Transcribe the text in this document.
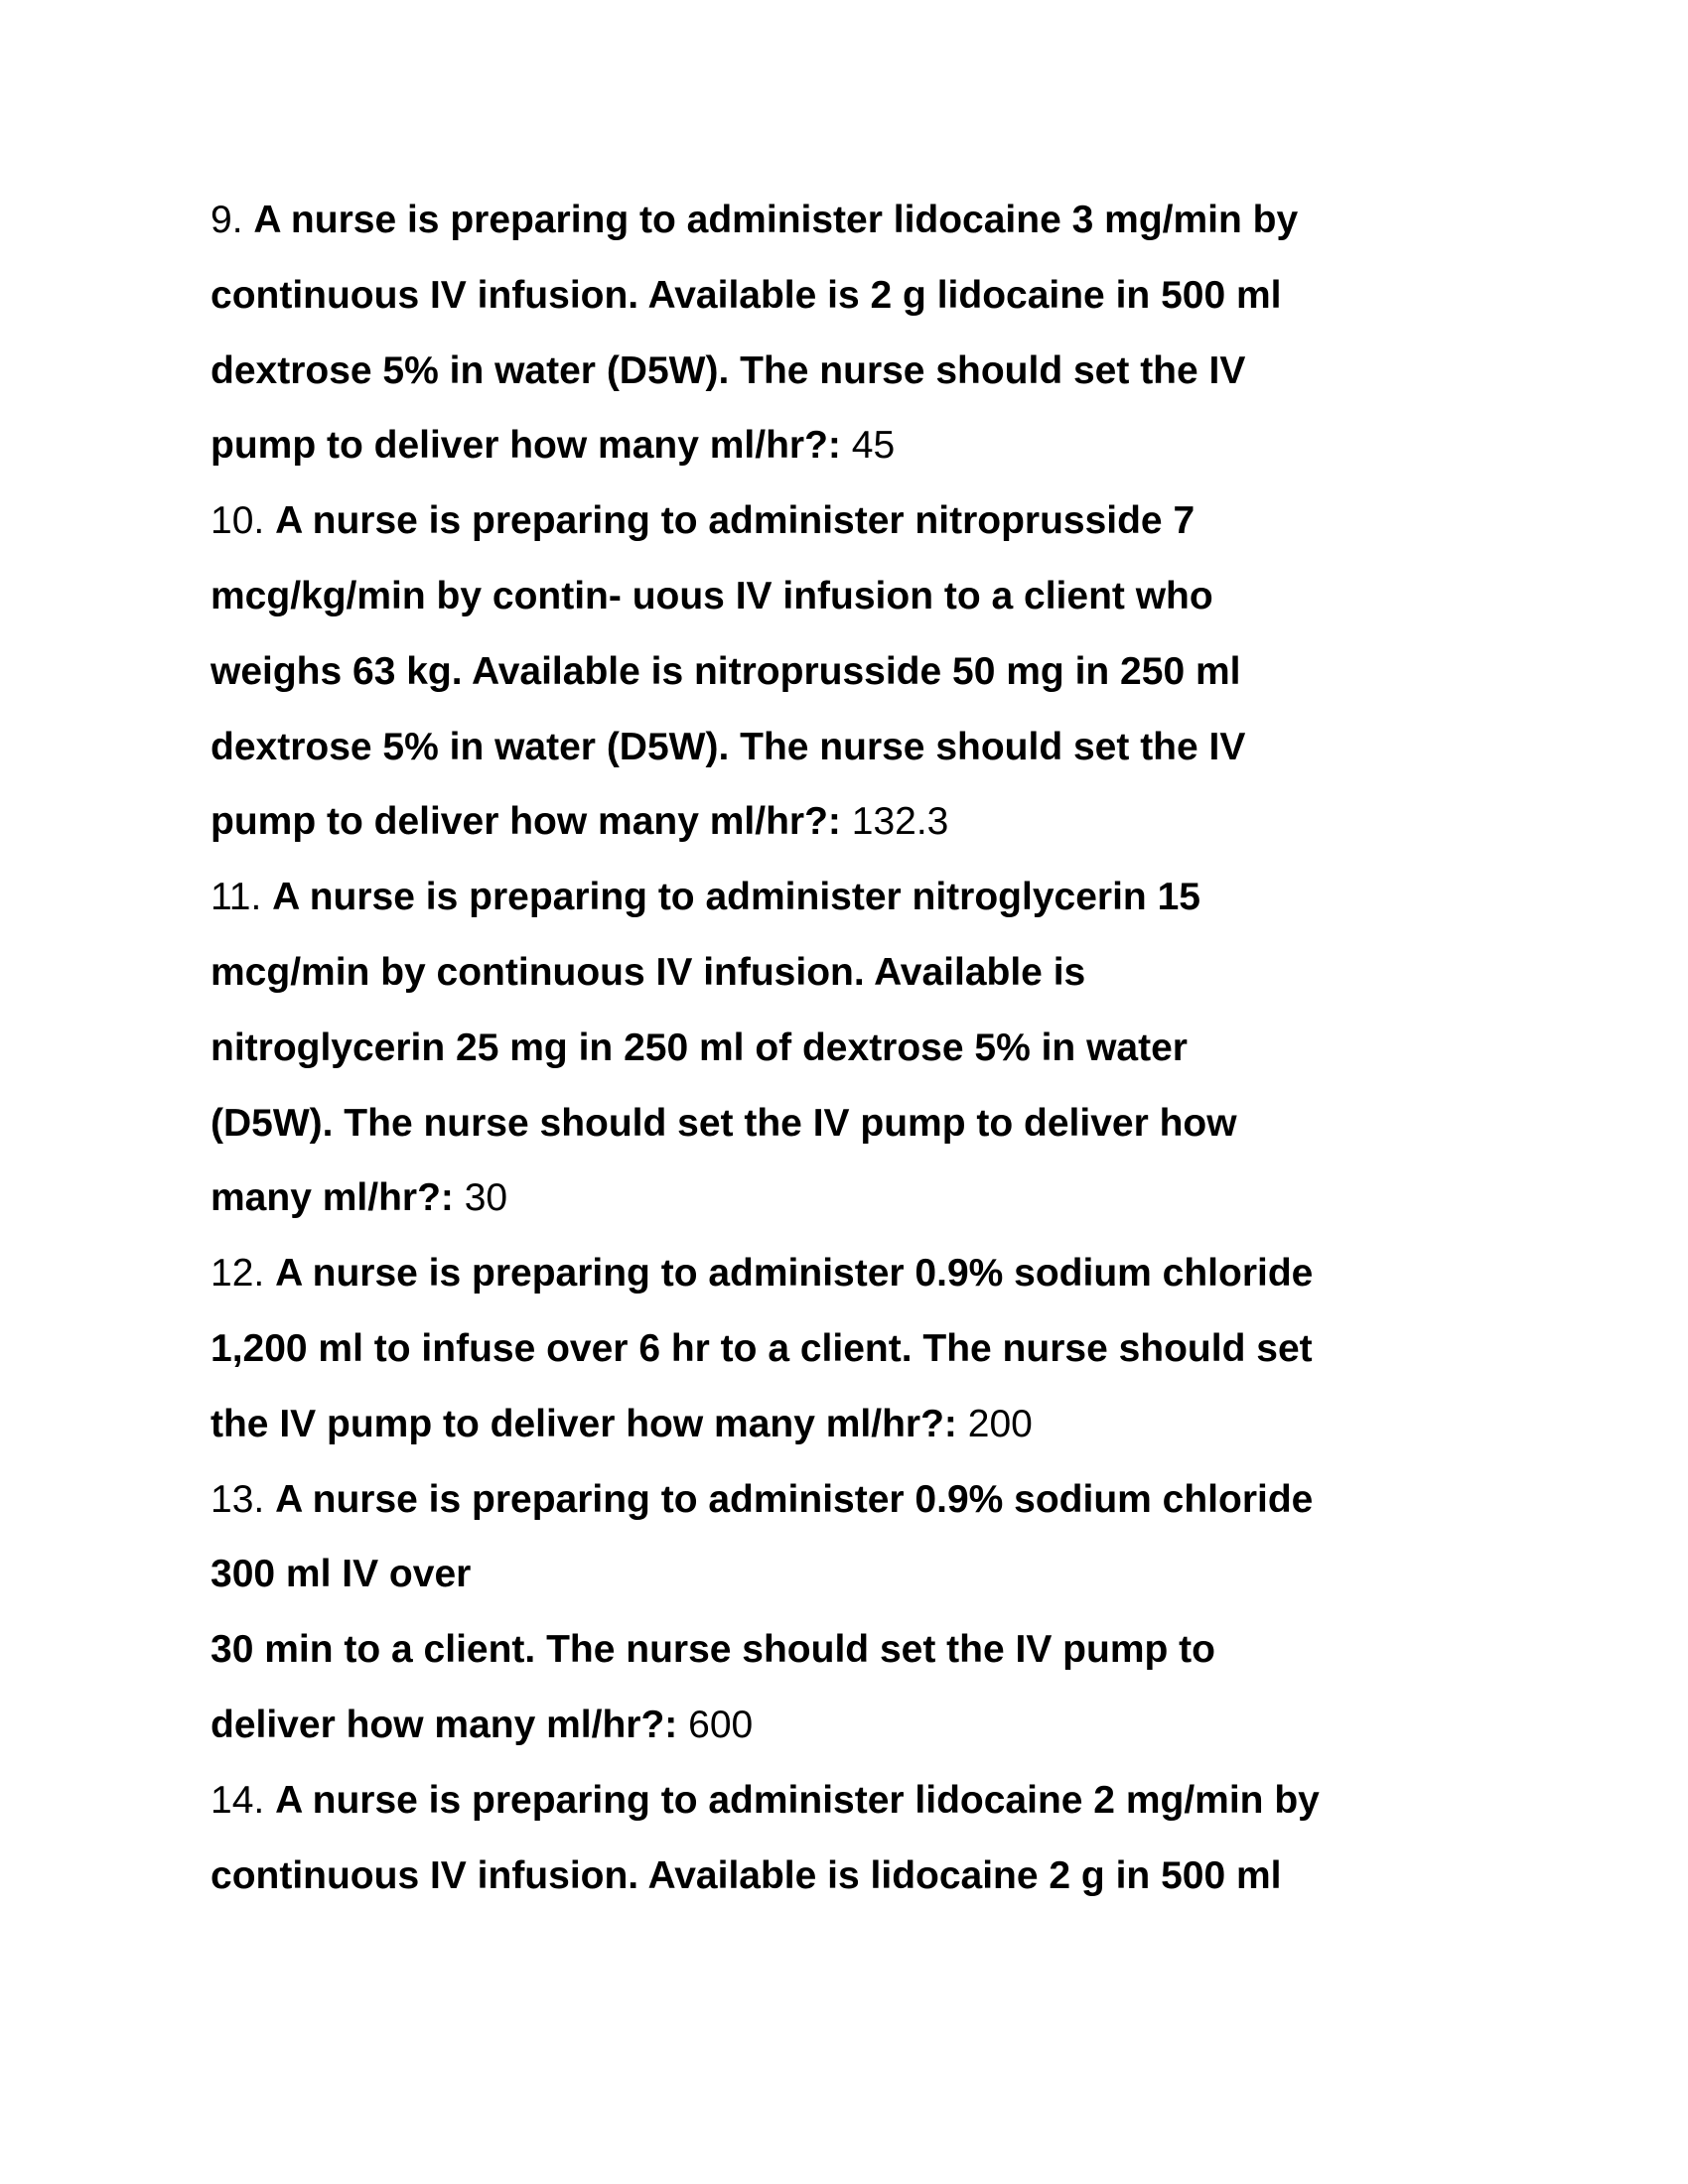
9. A nurse is preparing to administer lidocaine 3 mg/min by
continuous IV infusion. Available is 2 g lidocaine in 500 ml
dextrose 5% in water (D5W). The nurse should set the IV
pump to deliver how many ml/hr?: 45
10. A nurse is preparing to administer nitroprusside 7
mcg/kg/min by contin- uous IV infusion to a client who
weighs 63 kg. Available is nitroprusside 50 mg in 250 ml
dextrose 5% in water (D5W). The nurse should set the IV
pump to deliver how many ml/hr?: 132.3
11. A nurse is preparing to administer nitroglycerin 15
mcg/min by continuous IV infusion. Available is
nitroglycerin 25 mg in 250 ml of dextrose 5% in water
(D5W). The nurse should set the IV pump to deliver how
many ml/hr?: 30
12. A nurse is preparing to administer 0.9% sodium chloride
1,200 ml to infuse over 6 hr to a client. The nurse should set
the IV pump to deliver how many ml/hr?: 200
13. A nurse is preparing to administer 0.9% sodium chloride
300 ml IV over
30 min to a client. The nurse should set the IV pump to
deliver how many ml/hr?: 600
14. A nurse is preparing to administer lidocaine 2 mg/min by
continuous IV infusion. Available is lidocaine 2 g in 500 ml
